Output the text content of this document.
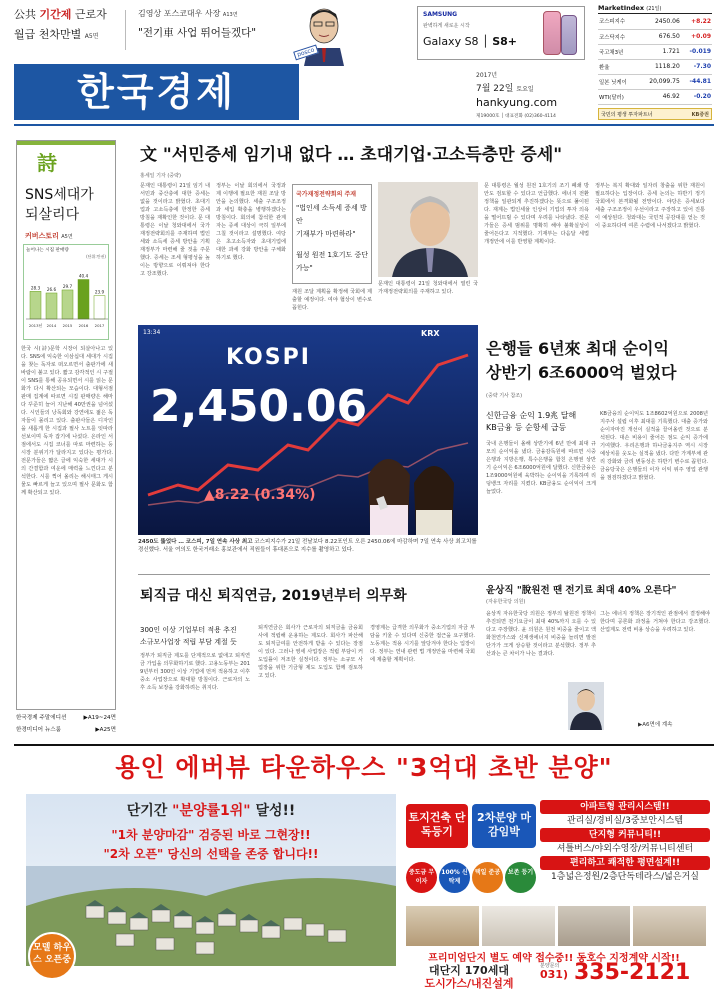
公共 기간제 근로자
월급 천차만별 A5면
김영상 포스코대우 사장 A13면
"전기車 사업 뛰어들겠다"
posco
SAMSUNG
완벽하게 새로운 시작
Galaxy S8 │ S8+
MarketIndex (21일)
코스피지수	2450.06	+8.22
코스닥지수	676.50	+0.09
국고채3년	1.721	-0.019
환율	1118.20	-7.30
일본 닛케이	20,099.75	-44.81
WTI(달러)	46.92	-0.20
국민의 평생 투자파트너	KB증권
한국경제	2017년
7월 22일 토요일
hankyung.com
제19000호 │ 대표전화 (02)360-4114
詩
SNS세대가
되살리다
커버스토리 A5면
늘어나는 시집 판매량
(단위:만권)
28.3
2013년
26.6
2014
29.7
2015
40.4
2016
23.9
2017
한국 시(詩)문학 시장이 되살아나고 있다. SNS에 익숙한 이삼십대 세대가 시집을 찾는 독자로 떠오르면서 출판가에 새 바람이 불고 있다. 짧고 감각적인 시 구절이 SNS를 통해 공유되면서 시를 읽는 문화가 다시 확산되는 모습이다. 대형서점 판매 집계에 따르면 시집 판매량은 해마다 꾸준히 늘어 지난해 40만권을 넘어섰다. 시인들의 낭독회와 강연에도 젊은 독자들이 몰리고 있다. 출판사들은 디자인을 새롭게 한 시집과 필사 노트를 잇따라 선보이며 독자 잡기에 나섰다. 온라인 서점에서도 시집 코너를 따로 마련하는 등 시장 분위기가 달라지고 있다는 평가다. 전문가들은 짧은 글에 익숙한 세대가 시의 간결함과 여운에 매력을 느낀다고 분석한다. 시를 찍어 올리는 해시태그 게시물도 빠르게 늘고 있으며 필사 문화도 함께 확산되고 있다.
한국경제 주말에디션	▶A19~24면
한경미디어 뉴스룸	▶A25면
文 "서민증세 임기내 없다 … 초대기업·고소득층만 증세"
홍세일 기자 (중략)
문재인 대통령이 21일 임기 내 서민과 중산층에 대한 증세는 없을 것이라고 밝혔다. 초대기업과 고소득층에 한정한 증세 방침을 재확인한 것이다. 문 대통령은 이날 청와대에서 국가재정전략회의를 주재하며 법인세와 소득세 증세 방안을 기획재정부가 마련해 줄 것을 주문했다. 증세는 조세 형평성을 높이는 방향으로 이뤄져야 한다고 강조했다.
정부는 이날 회의에서 국정과제 이행에 필요한 재원 조달 방안을 논의했다. 세출 구조조정과 세입 확충을 병행하겠다는 방침이다. 회의에 참석한 관계자는 증세 대상이 극히 일부에 그칠 것이라고 설명했다. 여당은 초고소득자와 초대기업에 대한 과세 강화 방안을 구체화하기로 했다.
국가재정전략회의 주재
"법인세 소득세 증세 방안
기재부가 마련하라"
월성 원전 1호기도 중단 가능"
재원 조달 계획을 확정해 국회에 제출할 예정이다. 여야 협상이 변수로 꼽힌다.
문재인 대통령이 21일 청와대에서 열린 국가재정전략회의를 주재하고 있다.
문 대통령은 월성 원전 1호기의 조기 폐쇄 방안도 검토할 수 있다고 언급했다. 에너지 전환 정책을 일관되게 추진하겠다는 뜻으로 풀이된다. 재계는 법인세율 인상이 기업의 투자 의욕을 떨어뜨릴 수 있다며 우려를 나타냈다. 전문가들은 증세 범위를 명확히 해야 불확실성이 줄어든다고 지적했다. 기재부는 다음달 세법 개정안에 이를 반영할 계획이다.
정부는 복지 확대와 일자리 창출을 위한 재원이 필요하다는 입장이다. 증세 논의는 하반기 정기국회에서 본격화될 전망이다. 야당은 증세보다 세출 구조조정이 우선이라고 주장하고 있어 진통이 예상된다. 청와대는 국민적 공감대를 얻는 것이 중요하다며 여론 수렴에 나서겠다고 밝혔다.
13:34	KRX
KOSPI
2,450.06
▲8.22 (0.34%)
2450도 뚫었다 … 코스피, 7일 연속 사상 최고 코스피지수가 21일 전날보다 8.22포인트 오른 2450.06에 마감하며 7일 연속 사상 최고치를 경신했다. 서울 여의도 한국거래소 홍보관에서 직원들이 휴대폰으로 지수를 촬영하고 있다.
은행들 6년來 최대 순이익
상반기 6조6000억 벌었다
(중략 기사 참조)
신한금융 순익 1.9兆 달해
KB금융 등 순항세 급등
국내 은행들이 올해 상반기에 6년 만에 최대 규모의 순이익을 냈다. 금융감독원에 따르면 시중은행과 지방은행, 특수은행을 합친 은행권 상반기 순이익은 6조6000억원에 달했다. 신한금융은 1조9000억원에 육박하는 순이익을 기록하며 리딩뱅크 자리를 지켰다. KB금융도 순이익이 크게 늘었다.
KB금융의 순이익도 1조8602억원으로 2008년 지주사 설립 이후 최대를 기록했다. 대출 증가와 순이자마진 개선이 실적을 끌어올린 것으로 분석된다. 대손 비용이 줄어든 점도 순익 증가에 기여했다. 우리은행과 하나금융지주 역시 시장 예상치를 웃도는 실적을 냈다. 다만 가계부채 관리 강화와 금리 변동성은 하반기 변수로 꼽힌다. 금융당국은 은행들의 이자 이익 위주 영업 관행을 점검하겠다고 밝혔다.
퇴직금 대신 퇴직연금, 2019년부터 의무화
300인 이상 기업부터 적용 추진
소규모사업장 적립 부담 계절 듯
정부가 퇴직금 제도를 단계적으로 없애고 퇴직연금 가입을 의무화하기로 했다. 고용노동부는 2019년부터 300인 이상 기업에 먼저 적용하고 이후 중소 사업장으로 확대할 방침이다. 근로자의 노후 소득 보장을 강화하려는 취지다.
퇴직연금은 회사가 근로자의 퇴직금을 금융회사에 적립해 운용하는 제도다. 회사가 파산해도 퇴직급여를 안전하게 받을 수 있다는 장점이 있다. 그러나 영세 사업장은 적립 부담이 커 도입률이 저조한 실정이다. 정부는 소규모 사업장을 위한 기금형 제도 도입도 함께 검토하고 있다.
경영계는 급격한 의무화가 중소기업의 자금 부담을 키울 수 있다며 신중한 접근을 요구했다. 노동계는 적용 시기를 앞당겨야 한다는 입장이다. 정부는 연내 관련 법 개정안을 마련해 국회에 제출할 계획이다.
윤상직 "脫원전 땐 전기료 최대 40% 오른다"
(자유한국당 의원)
윤상직 자유한국당 의원은 정부의 탈원전 정책이 추진되면 전기요금이 최대 40%까지 오를 수 있다고 주장했다. 윤 의원은 원전 비중을 줄이고 액화천연가스와 신재생에너지 비중을 늘리면 발전 단가가 크게 상승할 것이라고 분석했다. 정부 추산과는 큰 차이가 나는 결과다.
그는 에너지 정책은 장기적인 관점에서 결정해야 한다며 공론화 과정을 거쳐야 한다고 강조했다. 산업계도 전력 비용 상승을 우려하고 있다.
▶A6면에 계속
용인 에버뷰 타운하우스 "3억대 초반 분양"
단기간 "분양률1위" 달성!!
"1차 분양마감" 검증된 바로 그현장!!
"2차 오픈" 당신의 선택을 존중 합니다!!
모델 하우스 오픈중
토지건축 단독등기
2차분양 마감임박
아파트형 관리시스템!!
관리실/경비실/3중보안시스템
단지형 커뮤니티!!
셔틀버스/야외수영장/커뮤니티센터
편리하고 쾌적한 평면설계!!
1층넓은정원/2층단독테라스/넓은거실
중도금 무이자
100% 신탁제
택일 준공	보존 등기
프리미엄단지 별도 예약 접수중!! 동호수 지정계약 시작!!
대단지 170세대
도시가스/내진설계
분양문의
031) 335-2121
